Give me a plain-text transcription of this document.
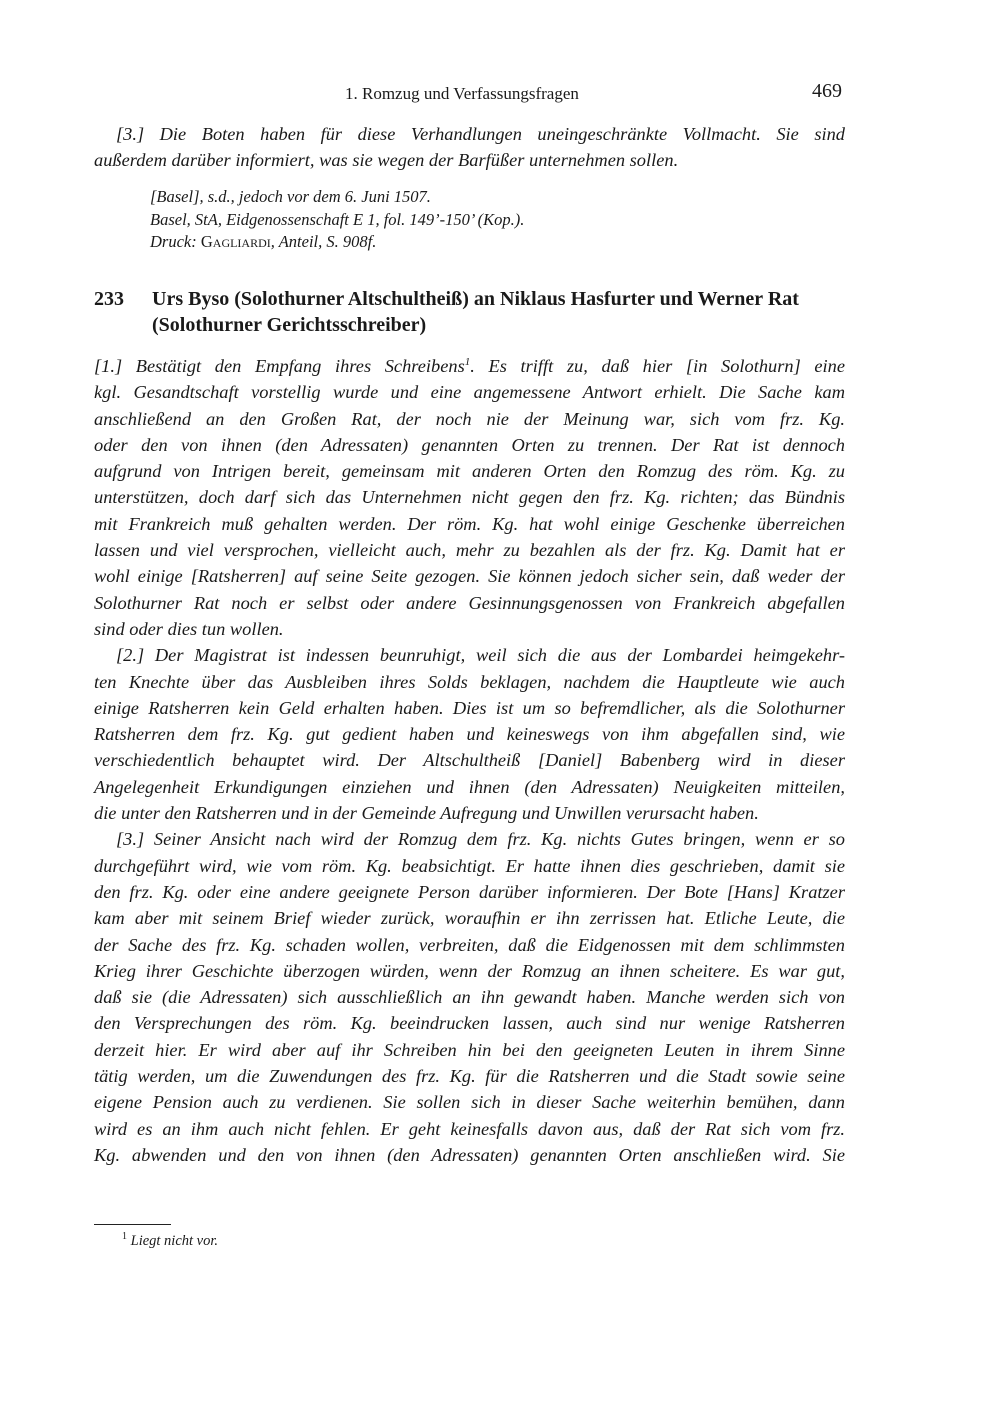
1. Romzug und Verfassungsfragen	469
[3.] Die Boten haben für diese Verhandlungen uneingeschränkte Vollmacht. Sie sind
außerdem darüber informiert, was sie wegen der Barfüßer unternehmen sollen.
[Basel], s.d., jedoch vor dem 6. Juni 1507.
Basel, StA, Eidgenossenschaft E 1, fol. 149’-150’ (Kop.).
Druck: Gagliardi, Anteil, S. 908f.
233 Urs Byso (Solothurner Altschultheiß) an Niklaus Hasfurter und Werner Rat
(Solothurner Gerichtsschreiber)
[1.] Bestätigt den Empfang ihres Schreibens$^1$. Es trifft zu, daß hier [in Solothurn] eine
kgl. Gesandtschaft vorstellig wurde und eine angemessene Antwort erhielt. Die Sache kam
anschließend an den Großen Rat, der noch nie der Meinung war, sich vom frz. Kg.
oder den von ihnen (den Adressaten) genannten Orten zu trennen. Der Rat ist dennoch
aufgrund von Intrigen bereit, gemeinsam mit anderen Orten den Romzug des röm. Kg. zu
unterstützen, doch darf sich das Unternehmen nicht gegen den frz. Kg. richten; das Bündnis
mit Frankreich muß gehalten werden. Der röm. Kg. hat wohl einige Geschenke überreichen
lassen und viel versprochen, vielleicht auch, mehr zu bezahlen als der frz. Kg. Damit hat er
wohl einige [Ratsherren] auf seine Seite gezogen. Sie können jedoch sicher sein, daß weder der
Solothurner Rat noch er selbst oder andere Gesinnungsgenossen von Frankreich abgefallen
sind oder dies tun wollen.
[2.] Der Magistrat ist indessen beunruhigt, weil sich die aus der Lombardei heimgekehr-
ten Knechte über das Ausbleiben ihres Solds beklagen, nachdem die Hauptleute wie auch
einige Ratsherren kein Geld erhalten haben. Dies ist um so befremdlicher, als die Solothurner
Ratsherren dem frz. Kg. gut gedient haben und keineswegs von ihm abgefallen sind, wie
verschiedentlich behauptet wird. Der Altschultheiß [Daniel] Babenberg wird in dieser
Angelegenheit Erkundigungen einziehen und ihnen (den Adressaten) Neuigkeiten mitteilen,
die unter den Ratsherren und in der Gemeinde Aufregung und Unwillen verursacht haben.
[3.] Seiner Ansicht nach wird der Romzug dem frz. Kg. nichts Gutes bringen, wenn er so
durchgeführt wird, wie vom röm. Kg. beabsichtigt. Er hatte ihnen dies geschrieben, damit sie
den frz. Kg. oder eine andere geeignete Person darüber informieren. Der Bote [Hans] Kratzer
kam aber mit seinem Brief wieder zurück, woraufhin er ihn zerrissen hat. Etliche Leute, die
der Sache des frz. Kg. schaden wollen, verbreiten, daß die Eidgenossen mit dem schlimmsten
Krieg ihrer Geschichte überzogen würden, wenn der Romzug an ihnen scheitere. Es war gut,
daß sie (die Adressaten) sich ausschließlich an ihn gewandt haben. Manche werden sich von
den Versprechungen des röm. Kg. beeindrucken lassen, auch sind nur wenige Ratsherren
derzeit hier. Er wird aber auf ihr Schreiben hin bei den geeigneten Leuten in ihrem Sinne
tätig werden, um die Zuwendungen des frz. Kg. für die Ratsherren und die Stadt sowie seine
eigene Pension auch zu verdienen. Sie sollen sich in dieser Sache weiterhin bemühen, dann
wird es an ihm auch nicht fehlen. Er geht keinesfalls davon aus, daß der Rat sich vom frz.
Kg. abwenden und den von ihnen (den Adressaten) genannten Orten anschließen wird. Sie
$^1$ Liegt nicht vor.
